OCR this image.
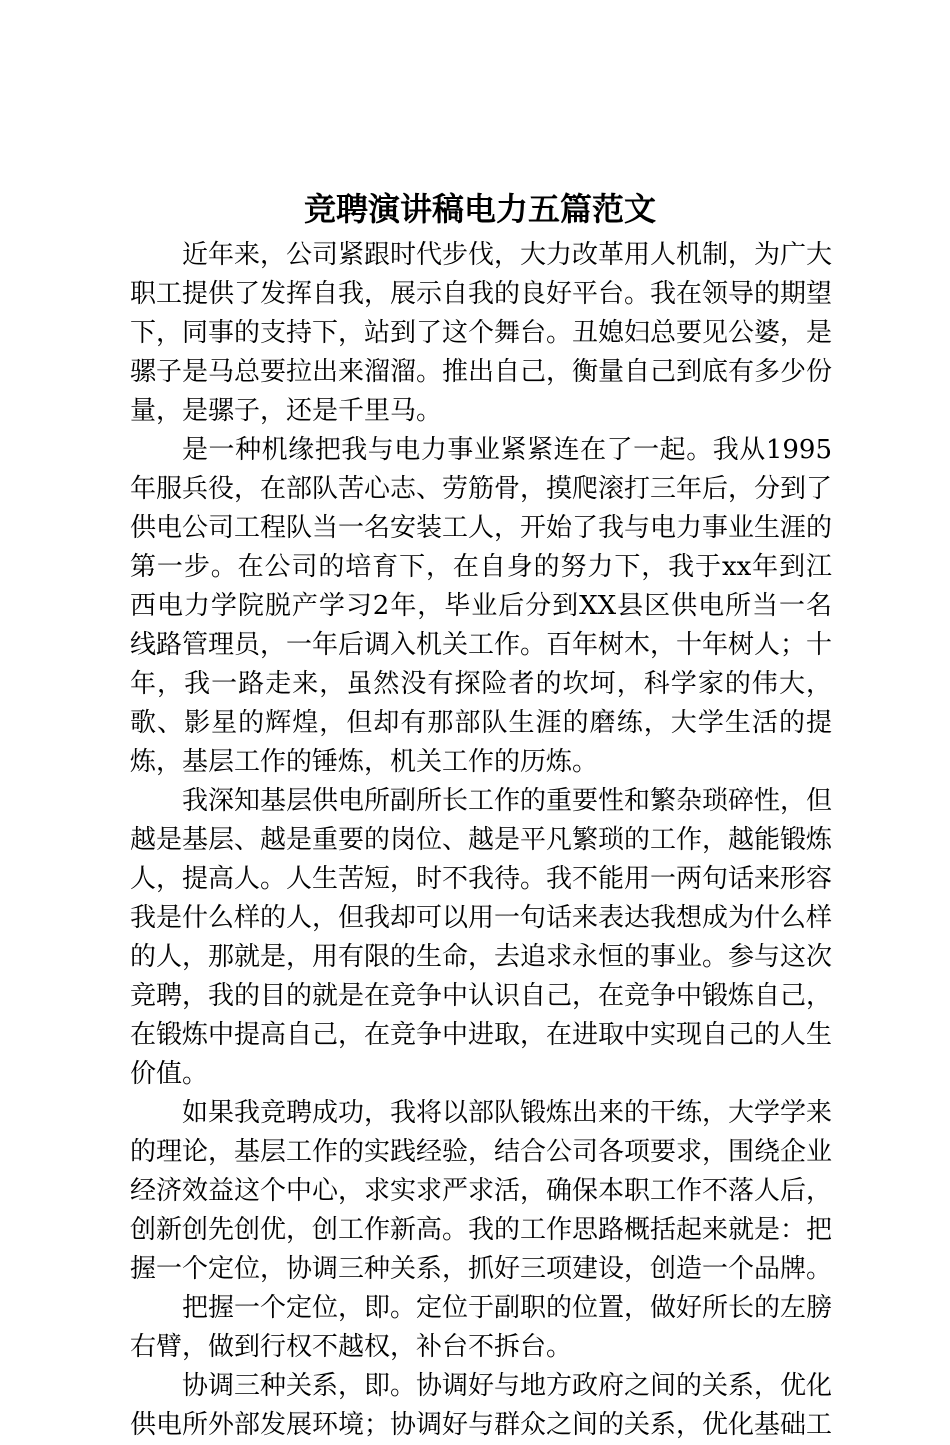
竞聘演讲稿电力五篇范文

近年来，公司紧跟时代步伐，大力改革用人机制，为广大职工提供了发挥自我，展示自我的良好平台。我在领导的期望下，同事的支持下，站到了这个舞台。丑媳妇总要见公婆，是骡子是马总要拉出来溜溜。推出自己，衡量自己到底有多少份量，是骡子，还是千里马。

是一种机缘把我与电力事业紧紧连在了一起。我从1995年服兵役，在部队苦心志、劳筋骨，摸爬滚打三年后，分到了供电公司工程队当一名安装工人，开始了我与电力事业生涯的第一步。在公司的培育下，在自身的努力下，我于xx年到江西电力学院脱产学习2年，毕业后分到XX县区供电所当一名线路管理员，一年后调入机关工作。百年树木，十年树人；十年，我一路走来，虽然没有探险者的坎坷，科学家的伟大，歌、影星的辉煌，但却有那部队生涯的磨练，大学生活的提炼，基层工作的锤炼，机关工作的历炼。

我深知基层供电所副所长工作的重要性和繁杂琐碎性，但越是基层、越是重要的岗位、越是平凡繁琐的工作，越能锻炼人，提高人。人生苦短，时不我待。我不能用一两句话来形容我是什么样的人，但我却可以用一句话来表达我想成为什么样的人，那就是，用有限的生命，去追求永恒的事业。参与这次竞聘，我的目的就是在竞争中认识自己，在竞争中锻炼自己，在锻炼中提高自己，在竞争中进取，在进取中实现自己的人生价值。

如果我竞聘成功，我将以部队锻炼出来的干练，大学学来的理论，基层工作的实践经验，结合公司各项要求，围绕企业经济效益这个中心，求实求严求活，确保本职工作不落人后，创新创先创优，创工作新高。我的工作思路概括起来就是：把握一个定位，协调三种关系，抓好三项建设，创造一个品牌。

把握一个定位，即。定位于副职的位置，做好所长的左膀右臂，做到行权不越权，补台不拆台。

协调三种关系，即。协调好与地方政府之间的关系，优化供电所外部发展环境；协调好与群众之间的关系，优化基础工
